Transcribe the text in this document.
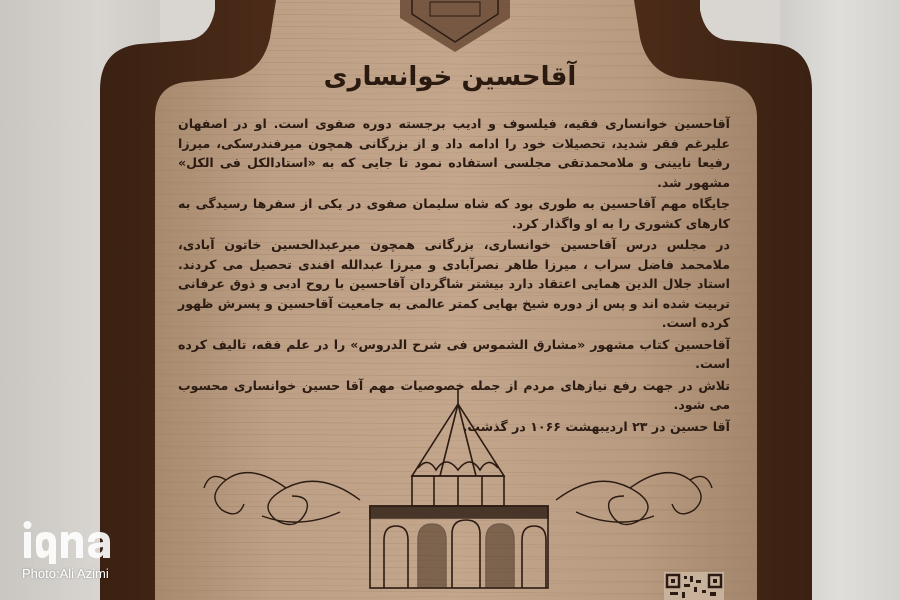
آقاحسین خوانساری

آقاحسین خوانساری فقیه، فیلسوف و ادیب برجسته دوره صفوی است. او در اصفهان علیرغم فقر شدید، تحصیلات خود را ادامه داد و از بزرگانی همچون میرفندرسکی، میرزا رفیعا نایینی و ملامحمدتقی مجلسی استفاده نمود تا جایی که به «استادالکل فی الکل» مشهور شد.

جایگاه مهم آقاحسین به طوری بود که شاه سلیمان صفوی در یکی از سفرها رسیدگی به کارهای کشوری را به او واگذار کرد.

در مجلس درس آقاحسین خوانساری، بزرگانی همچون میرعبدالحسین خاتون آبادی، ملامحمد فاضل سراب ، میرزا طاهر نصرآبادی و میرزا عبدالله افندی تحصیل می کردند. استاد جلال الدین همایی اعتقاد دارد بیشتر شاگردان آقاحسین با روح ادبی و ذوق عرفانی تربیت شده اند و پس از دوره شیخ بهایی کمتر عالمی به جامعیت آقاحسین و پسرش ظهور کرده است.

آقاحسین کتاب مشهور «مشارق الشموس فی شرح الدروس» را در علم فقه، تالیف کرده است.

تلاش در جهت رفع نیازهای مردم از جمله خصوصیات مهم آقا حسین خوانساری محسوب می شود.

آقا حسین در ۲۳ اردیبهشت ۱۰۶۶ در گذشت.

Photo:Ali Azimi
